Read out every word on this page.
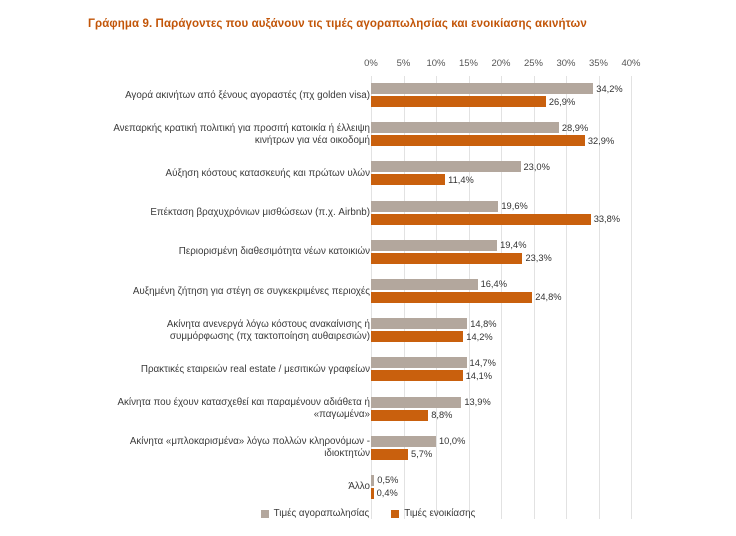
Γράφημα 9. Παράγοντες που αυξάνουν τις τιμές αγοραπωλησίας και ενοικίασης ακινήτων
0% 5% 10% 15% 20% 25% 30% 35% 40%
Αγορά ακινήτων από ξένους αγοραστές (πχ golden visa)
34,2%
26,9%
Ανεπαρκής κρατική πολιτική για προσιτή κατοικία ή έλλειψη κινήτρων για νέα οικοδομή
28,9%
32,9%
Αύξηση κόστους κατασκευής και πρώτων υλών
23,0%
11,4%
Επέκταση βραχυχρόνιων μισθώσεων (π.χ. Airbnb)
19,6%
33,8%
Περιορισμένη διαθεσιμότητα νέων κατοικιών
19,4%
23,3%
Αυξημένη ζήτηση για στέγη σε συγκεκριμένες περιοχές
16,4%
24,8%
Ακίνητα ανενεργά λόγω κόστους ανακαίνισης ή συμμόρφωσης (πχ τακτοποίηση αυθαιρεσιών)
14,8%
14,2%
Πρακτικές εταιρειών real estate / μεσιτικών γραφείων
14,7%
14,1%
Ακίνητα που έχουν κατασχεθεί και παραμένουν αδιάθετα ή «παγωμένα»
13,9%
8,8%
Ακίνητα «μπλοκαρισμένα» λόγω πολλών κληρονόμων - ιδιοκτητών
10,0%
5,7%
Άλλο
0,5%
0,4%
Τιμές αγοραπωλησίας	Τιμές ενοικίασης
